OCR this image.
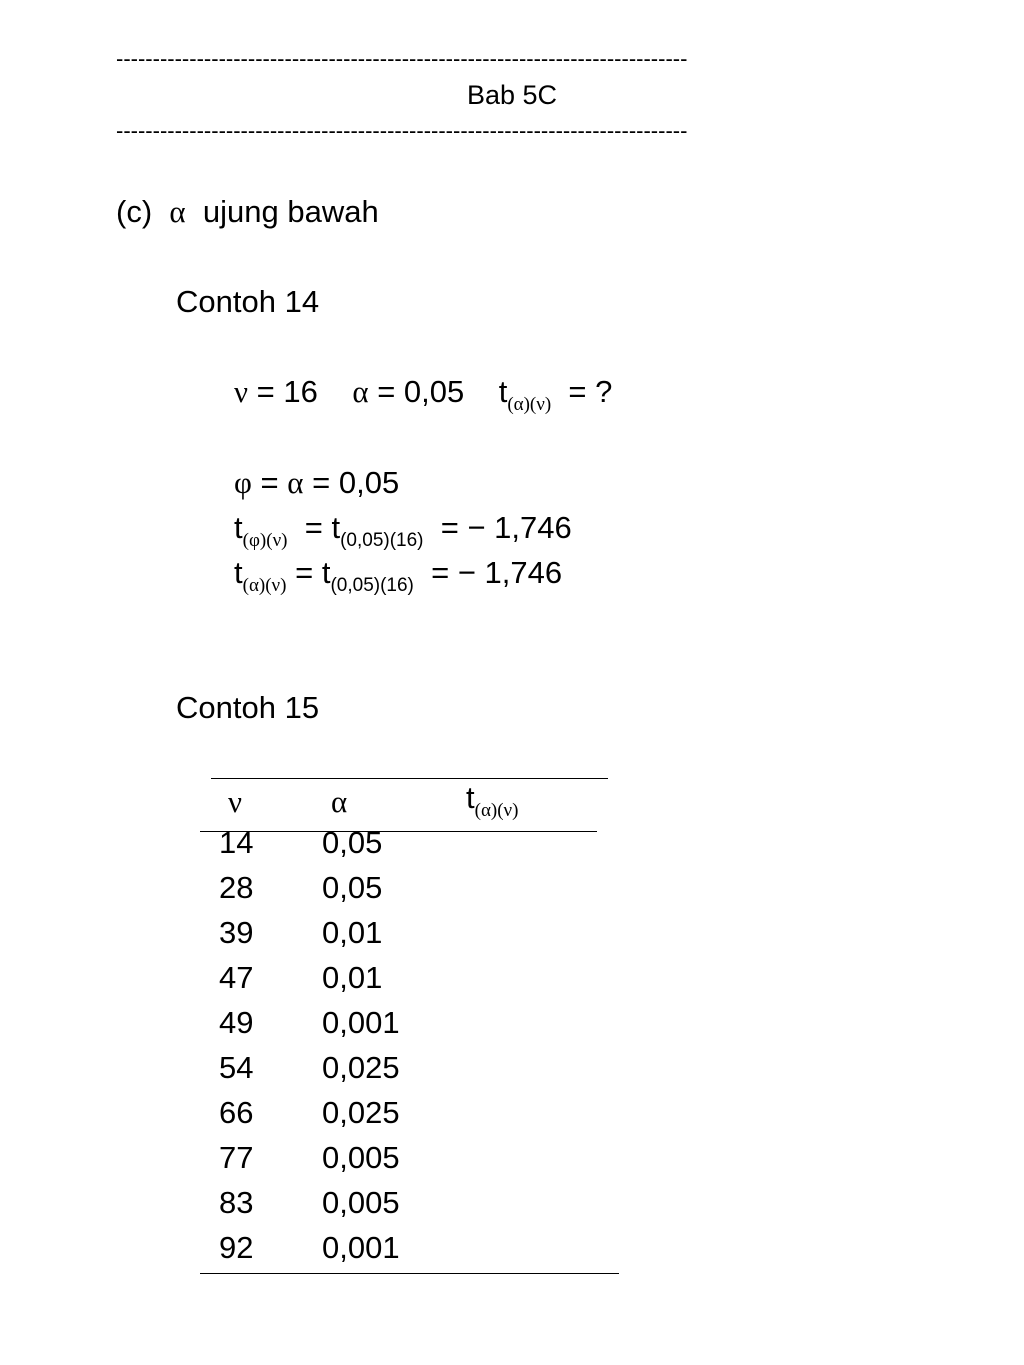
------------------------------------------------------------------------------
Bab 5C
------------------------------------------------------------------------------
(c) α ujung bawah
Contoh 14
ν = 16 α = 0,05 $t_{(\alpha)(\nu)}$ = ?
φ = α = 0,05
$t_{(\varphi)(\nu)} = t_{(0,05)(16)}$ = − 1,746
$t_{(\alpha)(\nu)} = t_{(0,05)(16)}$ = − 1,746
Contoh 15
ν	α	$t_{(\alpha)(\nu)}$
14 0,05
28 0,05
39 0,01
47 0,01
49 0,001
54 0,025
66 0,025
77 0,005
83 0,005
92 0,001
